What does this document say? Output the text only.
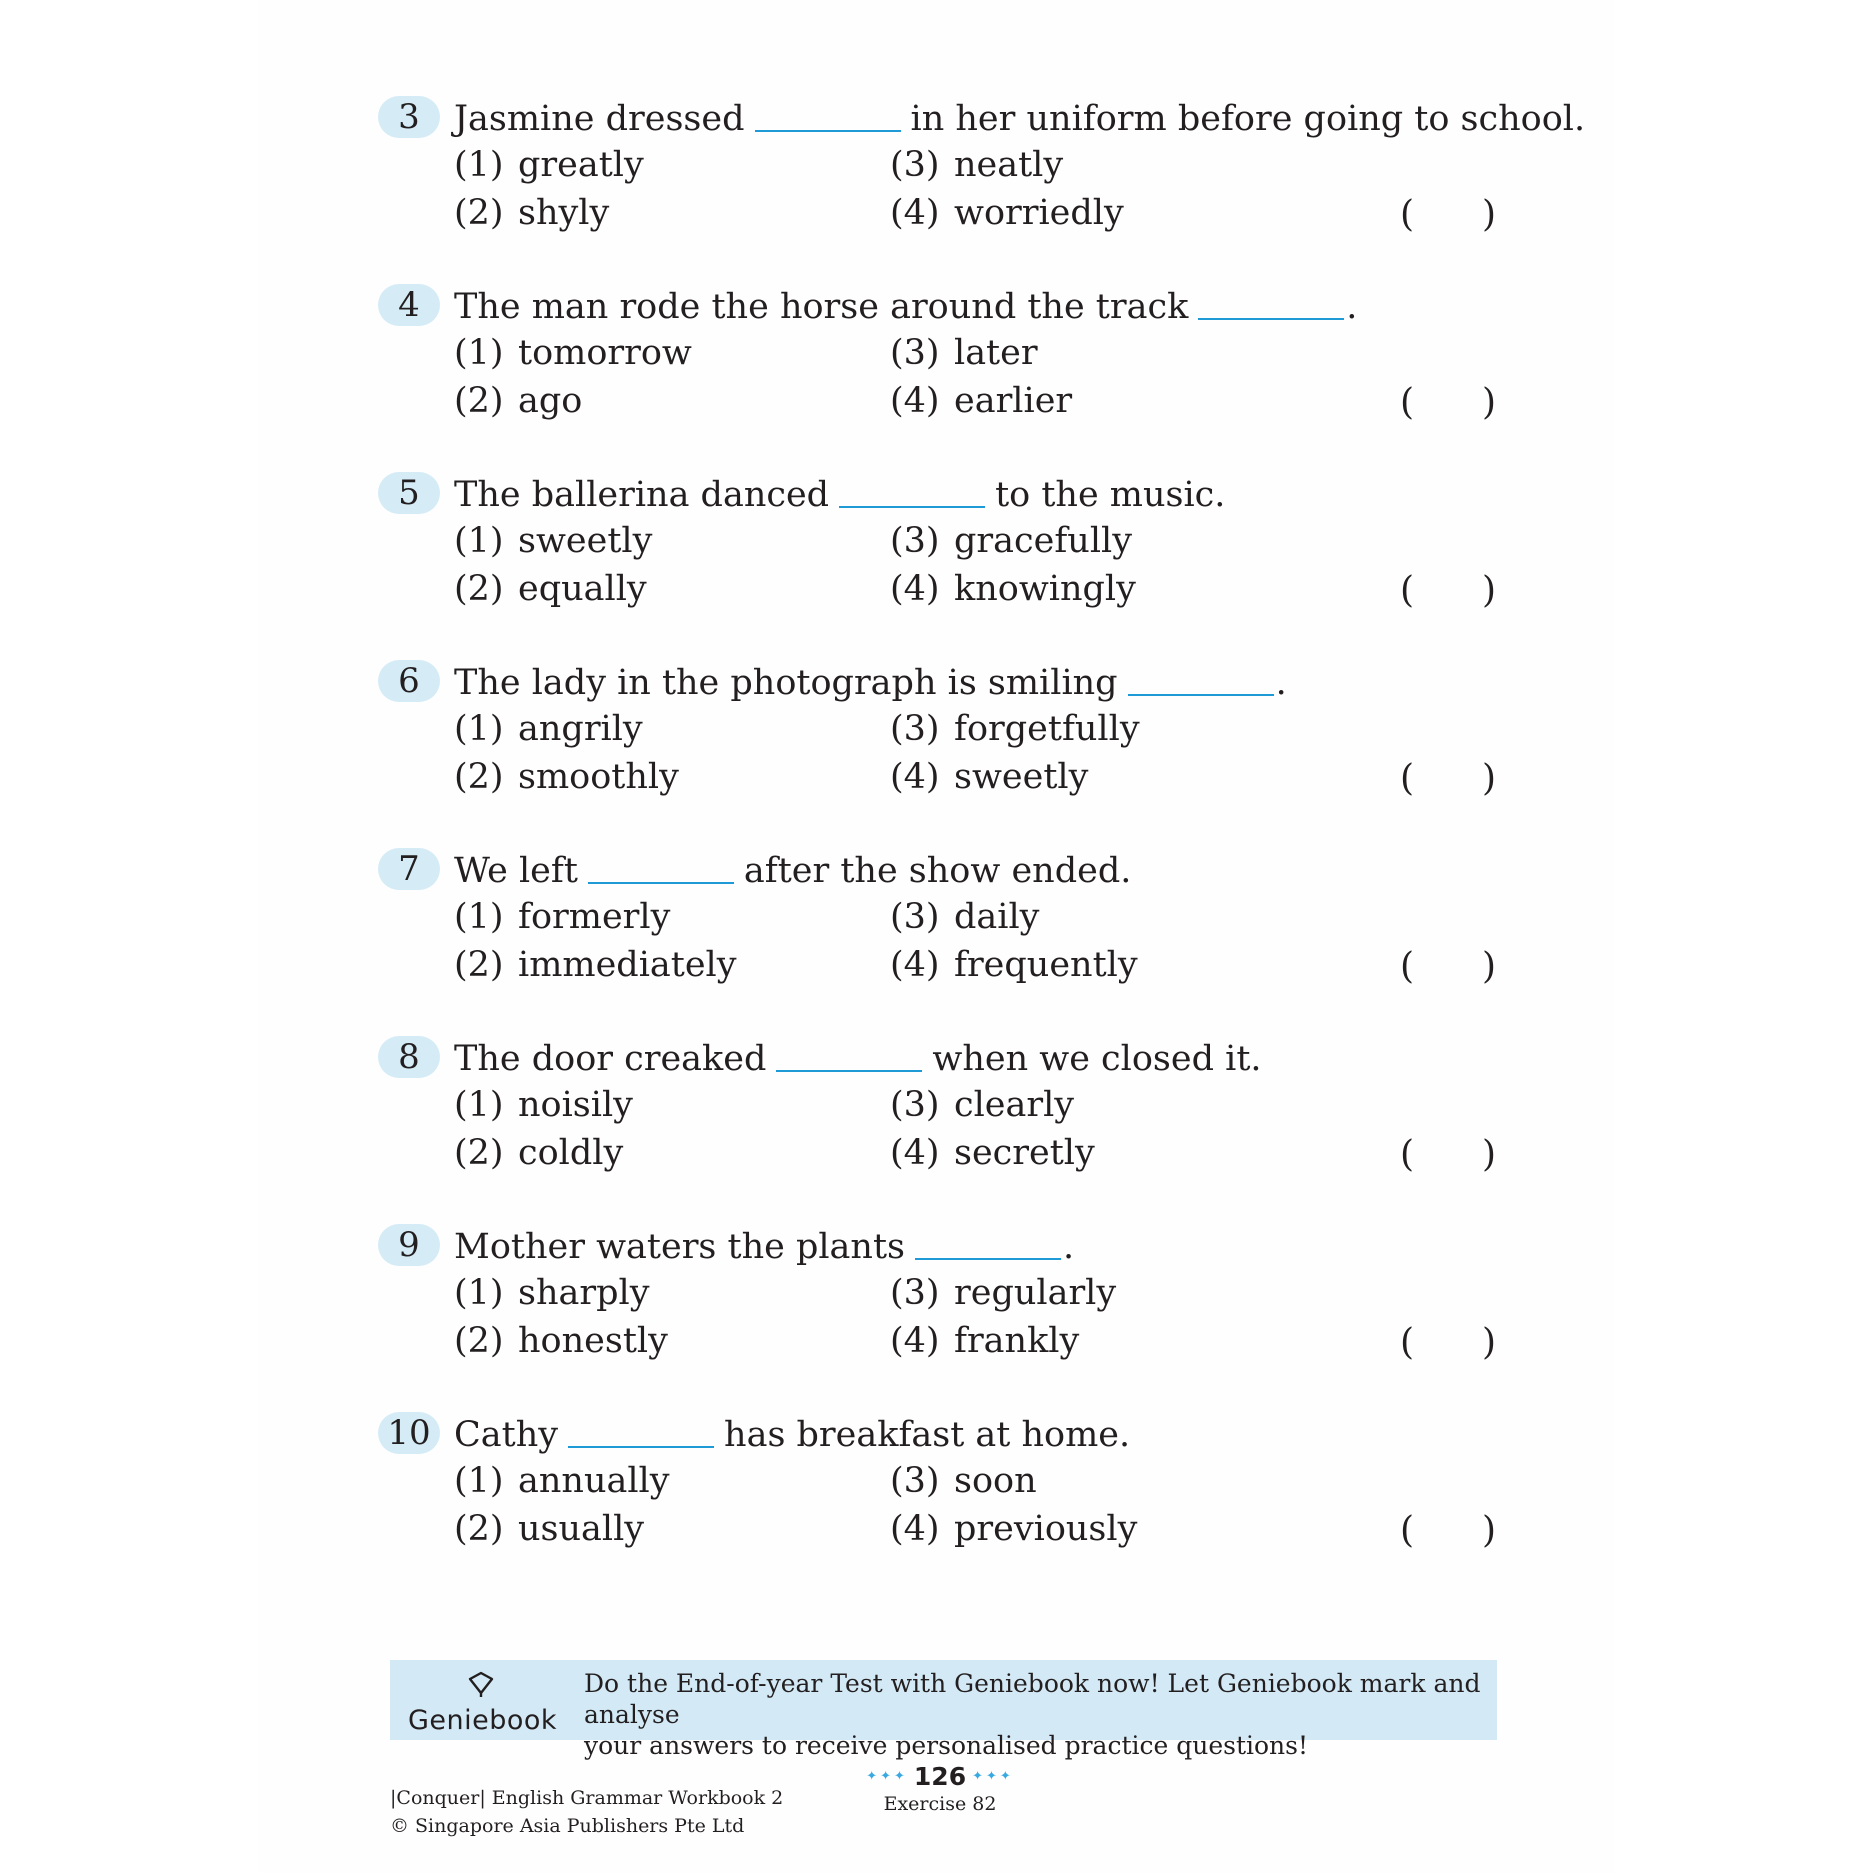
3 Jasmine dressed	in her uniform before going to school.
(1) greatly
(2) shyly
(3) neatly
(4) worriedly	( )
4 The man rode the horse around the track	.
(1) tomorrow
(2) ago
(3) later
(4) earlier	( )
5 The ballerina danced	to the music.
(1) sweetly
(2) equally
(3) gracefully
(4) knowingly	( )
6 The lady in the photograph is smiling	.
(1) angrily
(2) smoothly
(3) forgetfully
(4) sweetly	( )
7 We left	after the show ended.
(1) formerly
(2) immediately
(3) daily
(4) frequently	( )
8 The door creaked	when we closed it.
(1) noisily
(2) coldly
(3) clearly
(4) secretly	( )
9 Mother waters the plants	.
(1) sharply
(2) honestly
(3) regularly
(4) frankly	( )
10 Cathy	has breakfast at home.
(1) annually
(2) usually
(3) soon
(4) previously	( )
Geniebook
Do the End-of-year Test with Geniebook now! Let Geniebook mark and analyse
your answers to receive personalised practice questions!
|Conquer| English Grammar Workbook 2
© Singapore Asia Publishers Pte Ltd
✦✦✦ 126 ✦✦✦
Exercise 82
